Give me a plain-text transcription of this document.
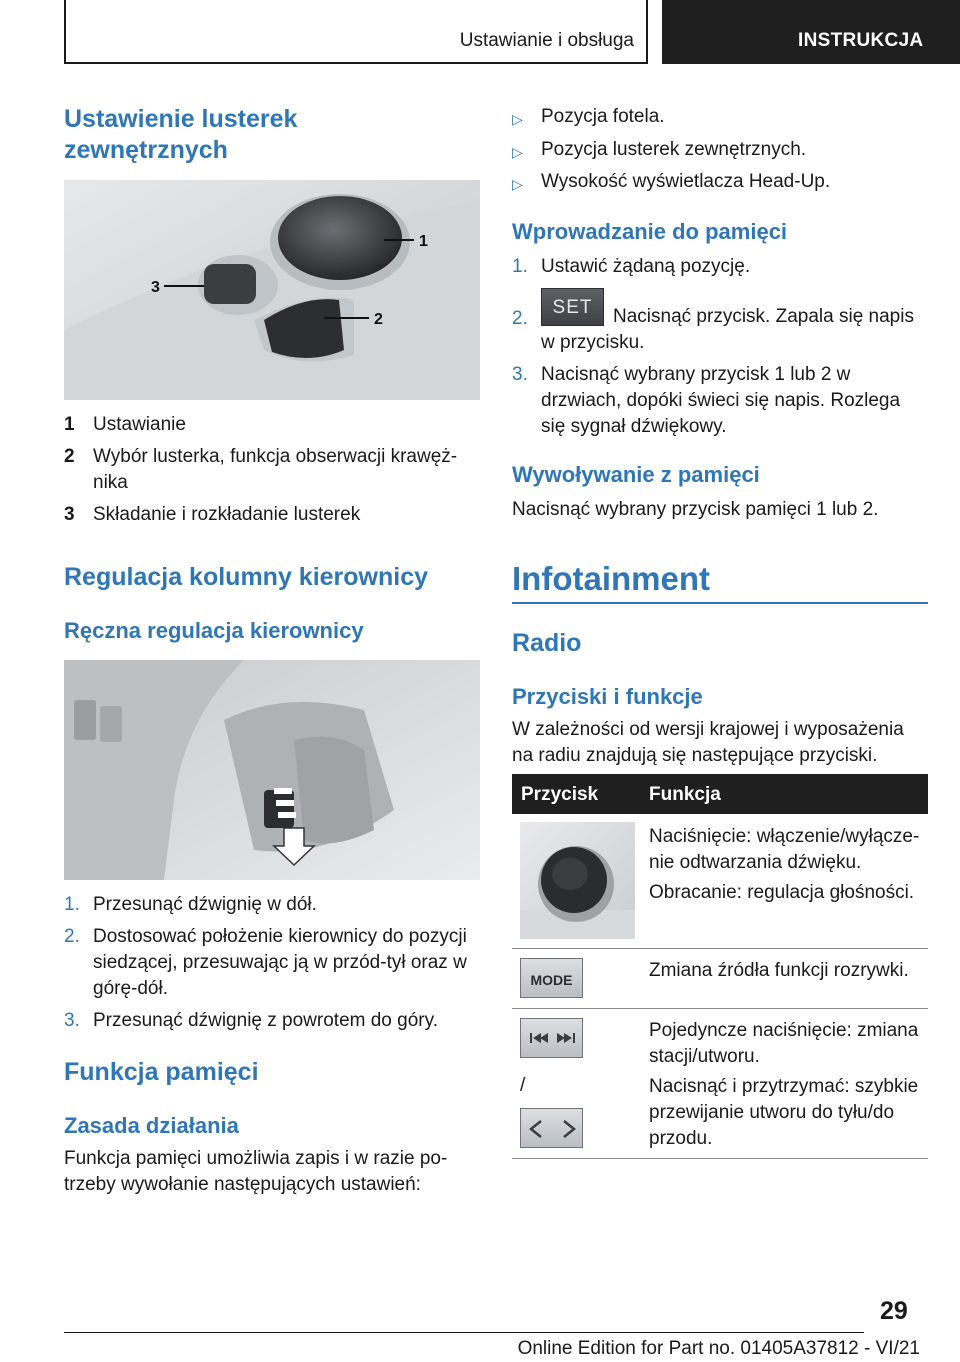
Ustawianie i obsługa	INSTRUKCJA
Ustawienie lusterek
zewnętrznych
1
2
3
1 Ustawianie
2 Wybór lusterka, funkcja obserwacji krawęż-nika
3 Składanie i rozkładanie lusterek
Regulacja kolumny kierownicy
Ręczna regulacja kierownicy
1. Przesunąć dźwignię w dół.
2. Dostosować położenie kierownicy do pozycji siedzącej, przesuwając ją w przód-tył oraz w górę-dół.
3. Przesunąć dźwignię z powrotem do góry.
Funkcja pamięci
Zasada działania
Funkcja pamięci umożliwia zapis i w razie po-trzeby wywołanie następujących ustawień:
▷ Pozycja fotela.
▷ Pozycja lusterek zewnętrznych.
▷ Wysokość wyświetlacza Head-Up.
Wprowadzanie do pamięci
1. Ustawić żądaną pozycję.
2.
SET	Nacisnąć przycisk. Zapala się napis w przycisku.
3. Nacisnąć wybrany przycisk 1 lub 2 w drzwiach, dopóki świeci się napis. Rozlega się sygnał dźwiękowy.
Wywoływanie z pamięci
Nacisnąć wybrany przycisk pamięci 1 lub 2.
Infotainment
Radio
Przyciski i funkcje
W zależności od wersji krajowej i wyposażenia na radiu znajdują się następujące przyciski.
Przycisk	Funkcja
Naciśnięcie: włączenie/wyłącze-nie odtwarzania dźwięku.
Obracanie: regulacja głośności.
MODE	Zmiana źródła funkcji rozrywki.
/
Pojedyncze naciśnięcie: zmiana stacji/utworu.
Nacisnąć i przytrzymać: szybkie przewijanie utworu do tyłu/do przodu.
29
Online Edition for Part no. 01405A37812 - VI/21
